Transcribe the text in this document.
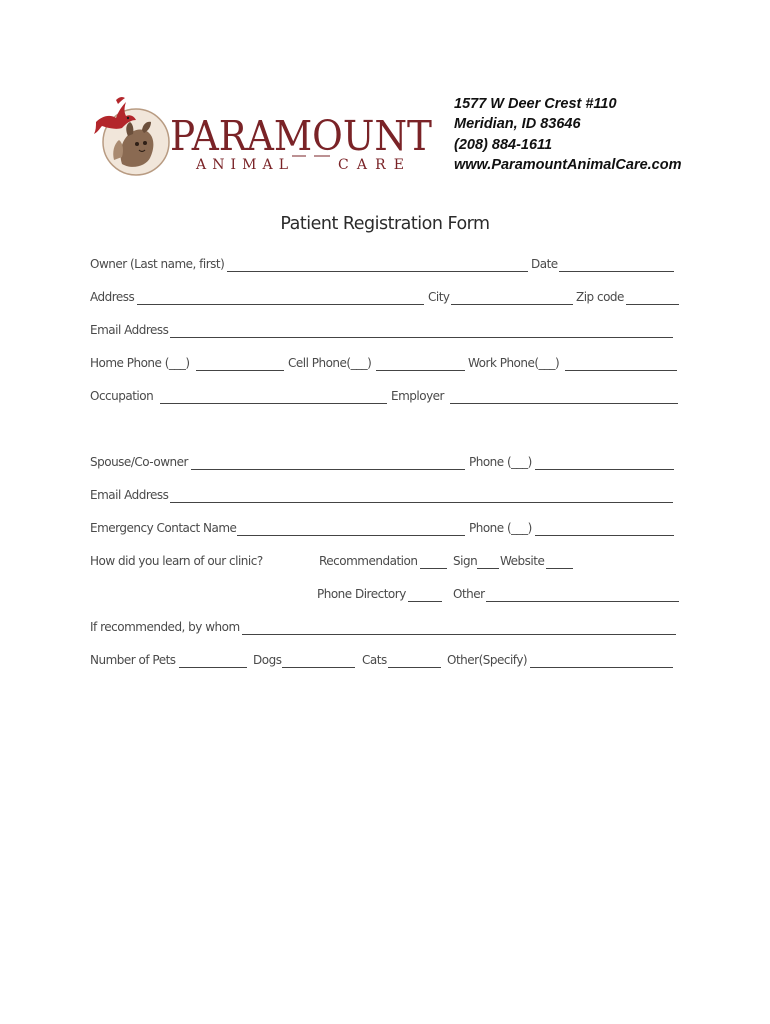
PARAMOUNT
ANIMAL	CARE
1577 W Deer Crest #110
Meridian, ID 83646
(208) 884-1611
www.ParamountAnimalCare.com
Patient Registration Form
Owner (Last name, first)	Date
Address	City	Zip code
Email Address
Home Phone (___)	Cell Phone(___)	Work Phone(___)
Occupation	Employer
Spouse/Co-owner	Phone (___)
Email Address
Emergency Contact Name	Phone (___)
How did you learn of our clinic?	Recommendation	Sign Website
Phone Directory	Other
If recommended, by whom
Number of Pets	Dogs	Cats	Other(Specify)
